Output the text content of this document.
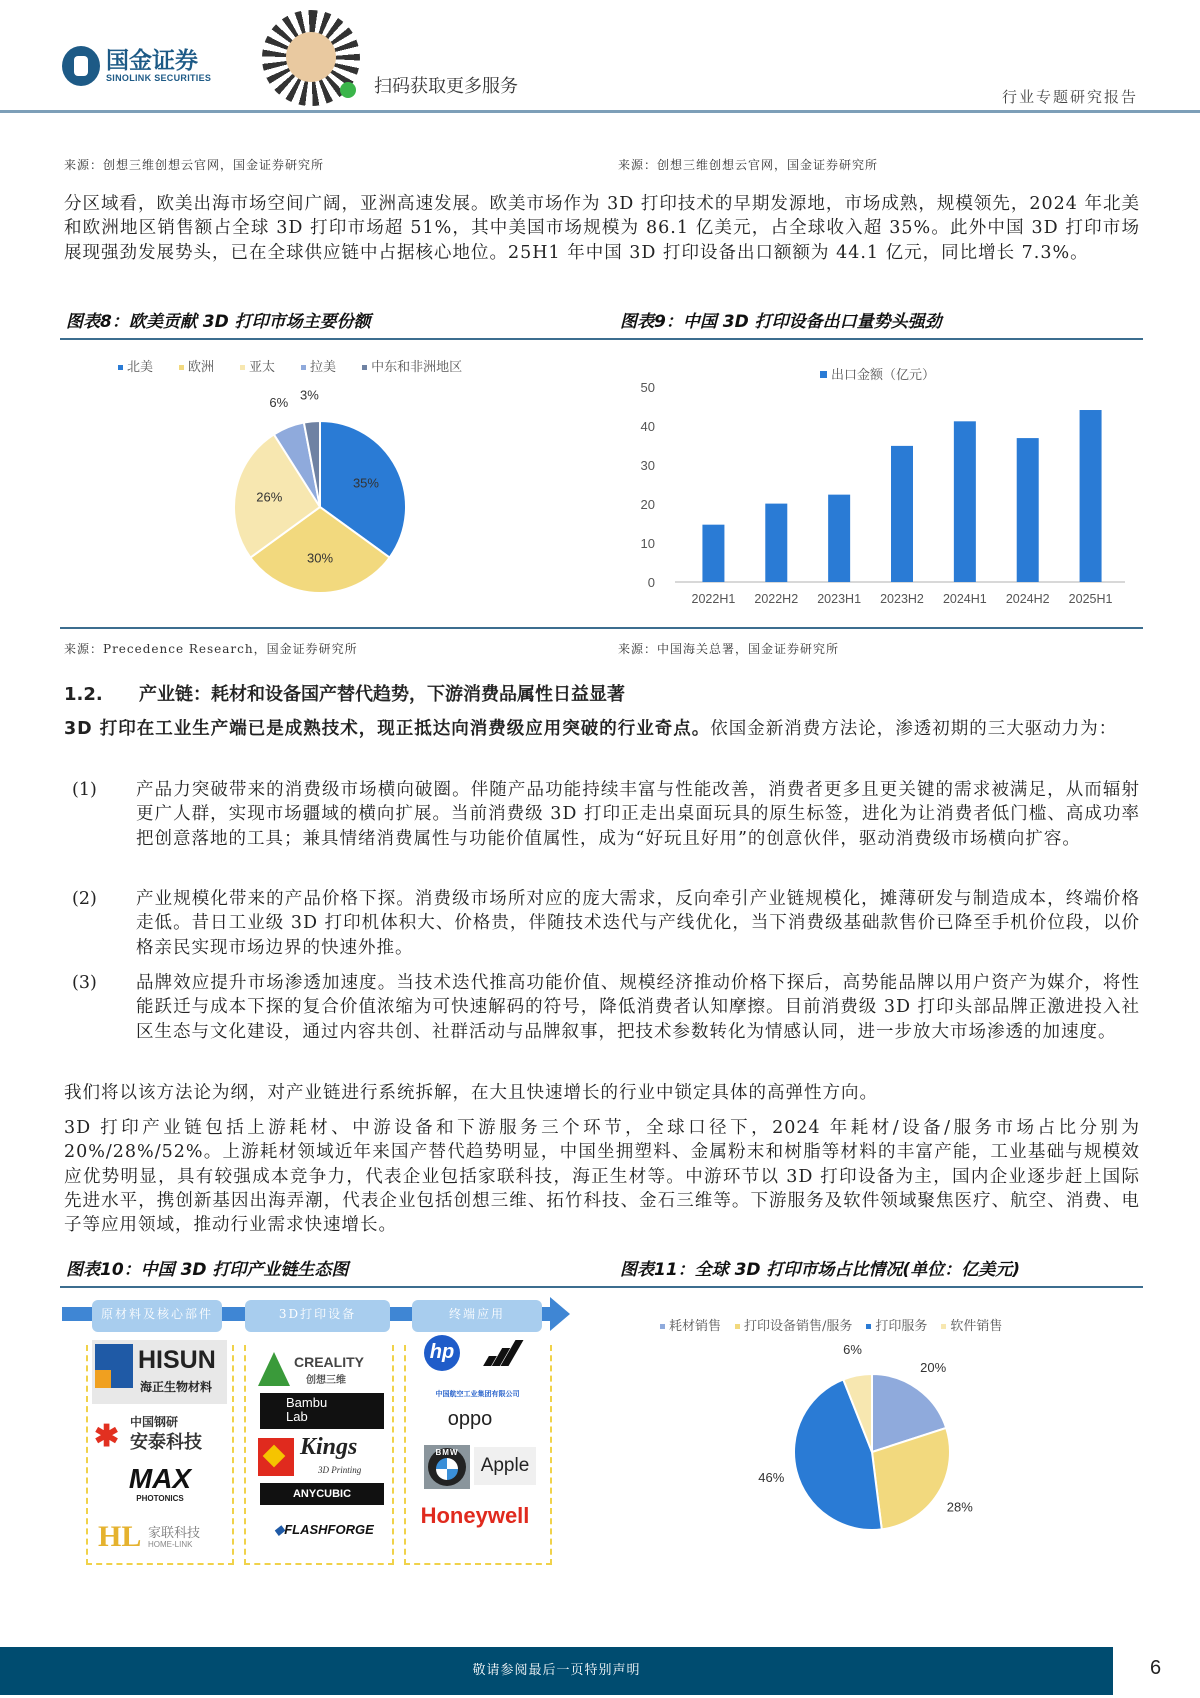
国金证券
SINOLINK SECURITIES	扫码获取更多服务	行业专题研究报告
来源：创想三维创想云官网，国金证券研究所	来源：创想三维创想云官网，国金证券研究所
分区域看，欧美出海市场空间广阔，亚洲高速发展。欧美市场作为 3D 打印技术的早期发源地，市场成熟，规模领先，2024 年北美和欧洲地区销售额占全球 3D 打印市场超 51%，其中美国市场规模为 86.1 亿美元，占全球收入超 35%。此外中国 3D 打印市场展现强劲发展势头，已在全球供应链中占据核心地位。25H1 年中国 3D 打印设备出口额额为 44.1 亿元，同比增长 7.3%。
图表8：欧美贡献 3D 打印市场主要份额	图表9：中国 3D 打印设备出口量势头强劲
北美	欧洲	亚太	拉美	中东和非洲地区
35%
30%
26%
6% 3%
出口金额（亿元）
0
10
20
30
40
50
2022H1 2022H2 2023H1 2023H2 2024H1 2024H2 2025H1
来源：Precedence Research，国金证券研究所	来源：中国海关总署，国金证券研究所
1.2. 产业链：耗材和设备国产替代趋势，下游消费品属性日益显著
3D 打印在工业生产端已是成熟技术，现正抵达向消费级应用突破的行业奇点。依国金新消费方法论，渗透初期的三大驱动力为：
(1)	产品力突破带来的消费级市场横向破圈。伴随产品功能持续丰富与性能改善，消费者更多且更关键的需求被满足，从而辐射更广人群，实现市场疆域的横向扩展。当前消费级 3D 打印正走出桌面玩具的原生标签，进化为让消费者低门槛、高成功率把创意落地的工具；兼具情绪消费属性与功能价值属性，成为“好玩且好用”的创意伙伴，驱动消费级市场横向扩容。
(2)	产业规模化带来的产品价格下探。消费级市场所对应的庞大需求，反向牵引产业链规模化，摊薄研发与制造成本，终端价格走低。昔日工业级 3D 打印机体积大、价格贵，伴随技术迭代与产线优化，当下消费级基础款售价已降至手机价位段，以价格亲民实现市场边界的快速外推。
(3)	品牌效应提升市场渗透加速度。当技术迭代推高功能价值、规模经济推动价格下探后，高势能品牌以用户资产为媒介，将性能跃迁与成本下探的复合价值浓缩为可快速解码的符号，降低消费者认知摩擦。目前消费级 3D 打印头部品牌正激进投入社区生态与文化建设，通过内容共创、社群活动与品牌叙事，把技术参数转化为情感认同，进一步放大市场渗透的加速度。
我们将以该方法论为纲，对产业链进行系统拆解，在大且快速增长的行业中锁定具体的高弹性方向。
3D 打印产业链包括上游耗材、中游设备和下游服务三个环节，全球口径下，2024 年耗材/设备/服务市场占比分别为 20%/28%/52%。上游耗材领域近年来国产替代趋势明显，中国坐拥塑料、金属粉末和树脂等材料的丰富产能，工业基础与规模效应优势明显，具有较强成本竞争力，代表企业包括家联科技，海正生材等。中游环节以 3D 打印设备为主，国内企业逐步赶上国际先进水平，携创新基因出海弄潮，代表企业包括创想三维、拓竹科技、金石三维等。下游服务及软件领域聚焦医疗、航空、消费、电子等应用领域，推动行业需求快速增长。
图表10：中国 3D 打印产业链生态图	图表11：全球 3D 打印市场占比情况(单位：亿美元)
原材料及核心部件	3D打印设备	终端应用
HISUN
海正生物材料
✱ 中国钢研
安泰科技
MAX
PHOTONICS
HL 家联科技
HOME-LINK
CREALITY
创想三维
Bambu
Lab
Kings
3D Printing
ANYCUBIC
◆FLASHFORGE
hp
中国航空工业集团有限公司
oppo
BMW
Apple
Honeywell
耗材销售	打印设备销售/服务	打印服务	软件销售
20%
28%
46%
6%
敬请参阅最后一页特别声明	6
